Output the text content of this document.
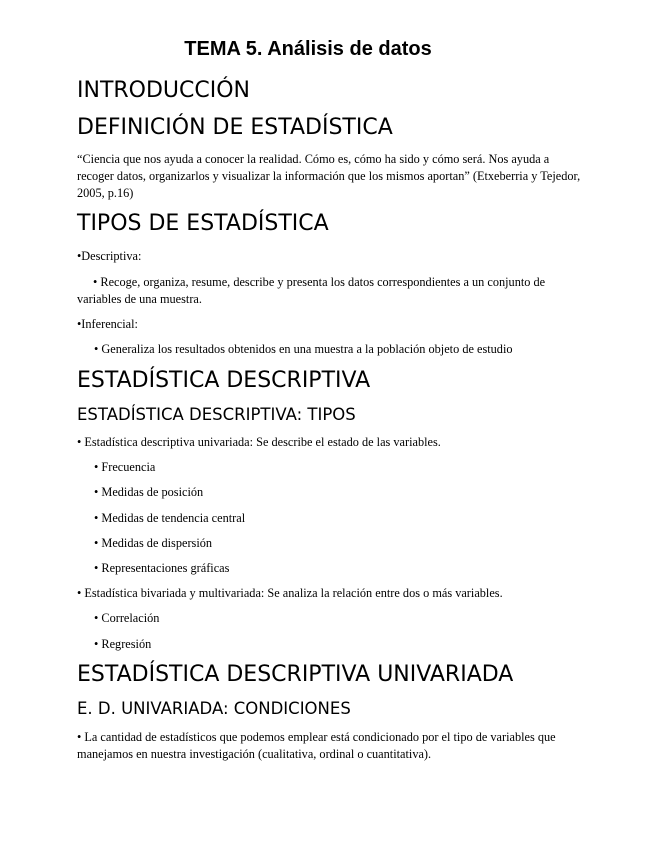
TEMA 5. Análisis de datos
INTRODUCCIÓN
DEFINICIÓN DE ESTADÍSTICA

“Ciencia que nos ayuda a conocer la realidad. Cómo es, cómo ha sido y cómo será. Nos ayuda a recoger datos, organizarlos y visualizar la información que los mismos aportan” (Etxeberria y Tejedor, 2005, p.16)

TIPOS DE ESTADÍSTICA

•Descriptiva:

• Recoge, organiza, resume, describe y presenta los datos correspondientes a un conjunto de variables de una muestra.

•Inferencial:

• Generaliza los resultados obtenidos en una muestra a la población objeto de estudio

ESTADÍSTICA DESCRIPTIVA
ESTADÍSTICA DESCRIPTIVA: TIPOS

• Estadística descriptiva univariada: Se describe el estado de las variables.

• Frecuencia

• Medidas de posición

• Medidas de tendencia central

• Medidas de dispersión

• Representaciones gráficas

• Estadística bivariada y multivariada: Se analiza la relación entre dos o más variables.

• Correlación

• Regresión

ESTADÍSTICA DESCRIPTIVA UNIVARIADA
E. D. UNIVARIADA: CONDICIONES

• La cantidad de estadísticos que podemos emplear está condicionado por el tipo de variables que manejamos en nuestra investigación (cualitativa, ordinal o cuantitativa).
